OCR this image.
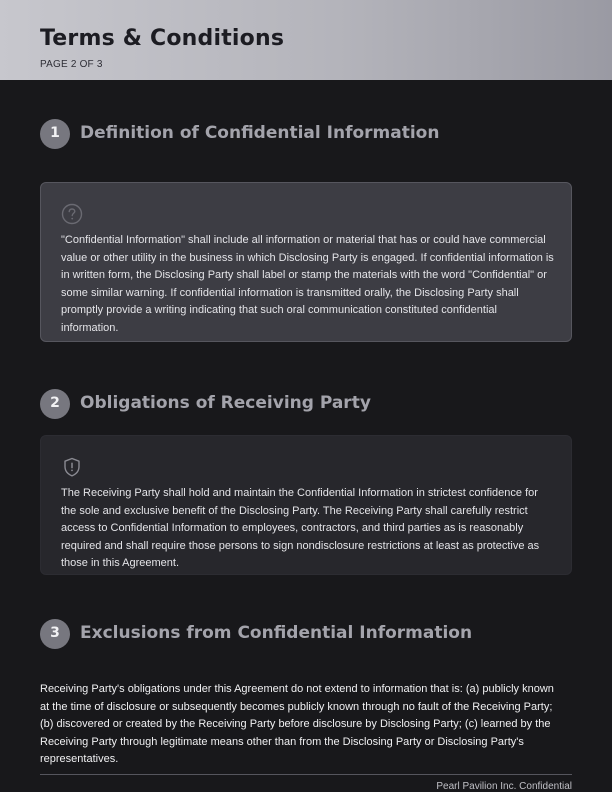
Terms & Conditions
PAGE 2 OF 3
1	Definition of Confidential Information
"Confidential Information" shall include all information or material that has or could have commercial value or other utility in the business in which Disclosing Party is engaged. If confidential information is in written form, the Disclosing Party shall label or stamp the materials with the word "Confidential" or some similar warning. If confidential information is transmitted orally, the Disclosing Party shall promptly provide a writing indicating that such oral communication constituted confidential information.
2	Obligations of Receiving Party
The Receiving Party shall hold and maintain the Confidential Information in strictest confidence for the sole and exclusive benefit of the Disclosing Party. The Receiving Party shall carefully restrict access to Confidential Information to employees, contractors, and third parties as is reasonably required and shall require those persons to sign nondisclosure restrictions at least as protective as those in this Agreement.
3	Exclusions from Confidential Information
Receiving Party's obligations under this Agreement do not extend to information that is: (a) publicly known at the time of disclosure or subsequently becomes publicly known through no fault of the Receiving Party; (b) discovered or created by the Receiving Party before disclosure by Disclosing Party; (c) learned by the Receiving Party through legitimate means other than from the Disclosing Party or Disclosing Party's representatives.
Pearl Pavilion Inc. Confidential
